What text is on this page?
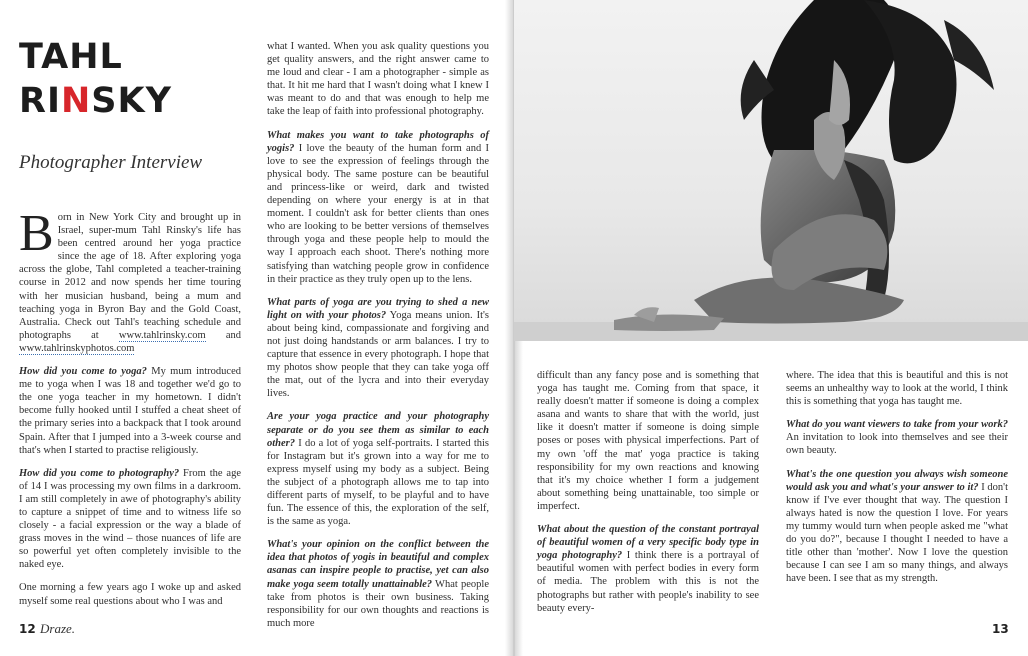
TAHL
RINSKY
Photographer Interview

Born in New York City and brought up in Israel, super-mum Tahl Rinsky's life has been centred around her yoga practice since the age of 18. After exploring yoga across the globe, Tahl completed a teacher-training course in 2012 and now spends her time touring with her musician husband, being a mum and teaching yoga in Byron Bay and the Gold Coast, Australia. Check out Tahl's teaching schedule and photographs at www.tahlrinsky.com and www.tahlrinskyphotos.com

How did you come to yoga? My mum introduced me to yoga when I was 18 and together we'd go to the one yoga teacher in my hometown. I didn't become fully hooked until I stuffed a cheat sheet of the primary series into a backpack that I took around Spain. After that I jumped into a 3-week course and that's when I started to practise religiously.

How did you come to photography? From the age of 14 I was processing my own films in a darkroom. I am still completely in awe of photography's ability to capture a snippet of time and to witness life so closely - a facial expression or the way a blade of grass moves in the wind – those nuances of life are so powerful yet often completely invisible to the naked eye.

One morning a few years ago I woke up and asked myself some real questions about who I was and

what I wanted. When you ask quality questions you get quality answers, and the right answer came to me loud and clear - I am a photographer - simple as that. It hit me hard that I wasn't doing what I knew I was meant to do and that was enough to help me take the leap of faith into professional photography.

What makes you want to take photographs of yogis? I love the beauty of the human form and I love to see the expression of feelings through the physical body. The same posture can be beautiful and princess-like or weird, dark and twisted depending on where your energy is at in that moment. I couldn't ask for better clients than ones who are looking to be better versions of themselves through yoga and these people help to mould the way I approach each shoot. There's nothing more satisfying than watching people grow in confidence in their practice as they truly open up to the lens.

What parts of yoga are you trying to shed a new light on with your photos? Yoga means union. It's about being kind, compassionate and forgiving and not just doing handstands or arm balances. I try to capture that essence in every photograph. I hope that my photos show people that they can take yoga off the mat, out of the lycra and into their everyday lives.

Are your yoga practice and your photography separate or do you see them as similar to each other? I do a lot of yoga self-portraits. I started this for Instagram but it's grown into a way for me to express myself using my body as a subject. Being the subject of a photograph allows me to tap into different parts of myself, to be playful and to have fun. The essence of this, the exploration of the self, is the same as yoga.

What's your opinion on the conflict between the idea that photos of yogis in beautiful and complex asanas can inspire people to practise, yet can also make yoga seem totally unattainable? What people take from photos is their own business. Taking responsibility for our own thoughts and reactions is much more

difficult than any fancy pose and is something that yoga has taught me. Coming from that space, it really doesn't matter if someone is doing a complex asana and wants to share that with the world, just like it doesn't matter if someone is doing simple poses or poses with physical imperfections. Part of my own 'off the mat' yoga practice is taking responsibility for my own reactions and knowing that it's my choice whether I form a judgement about something being unattainable, too simple or imperfect.

What about the question of the constant portrayal of beautiful women of a very specific body type in yoga photography? I think there is a portrayal of beautiful women with perfect bodies in every form of media. The problem with this is not the photographs but rather with people's inability to see beauty every-

where. The idea that this is beautiful and this is not seems an unhealthy way to look at the world, I think this is something that yoga has taught me.

What do you want viewers to take from your work? An invitation to look into themselves and see their own beauty.

What's the one question you always wish someone would ask you and what's your answer to it? I don't know if I've ever thought that way. The question I always hated is now the question I love. For years my tummy would turn when people asked me "what do you do?", because I thought I needed to have a title other than 'mother'. Now I love the question because I can see I am so many things, and always have been. I see that as my strength.

12 Draze.	13
